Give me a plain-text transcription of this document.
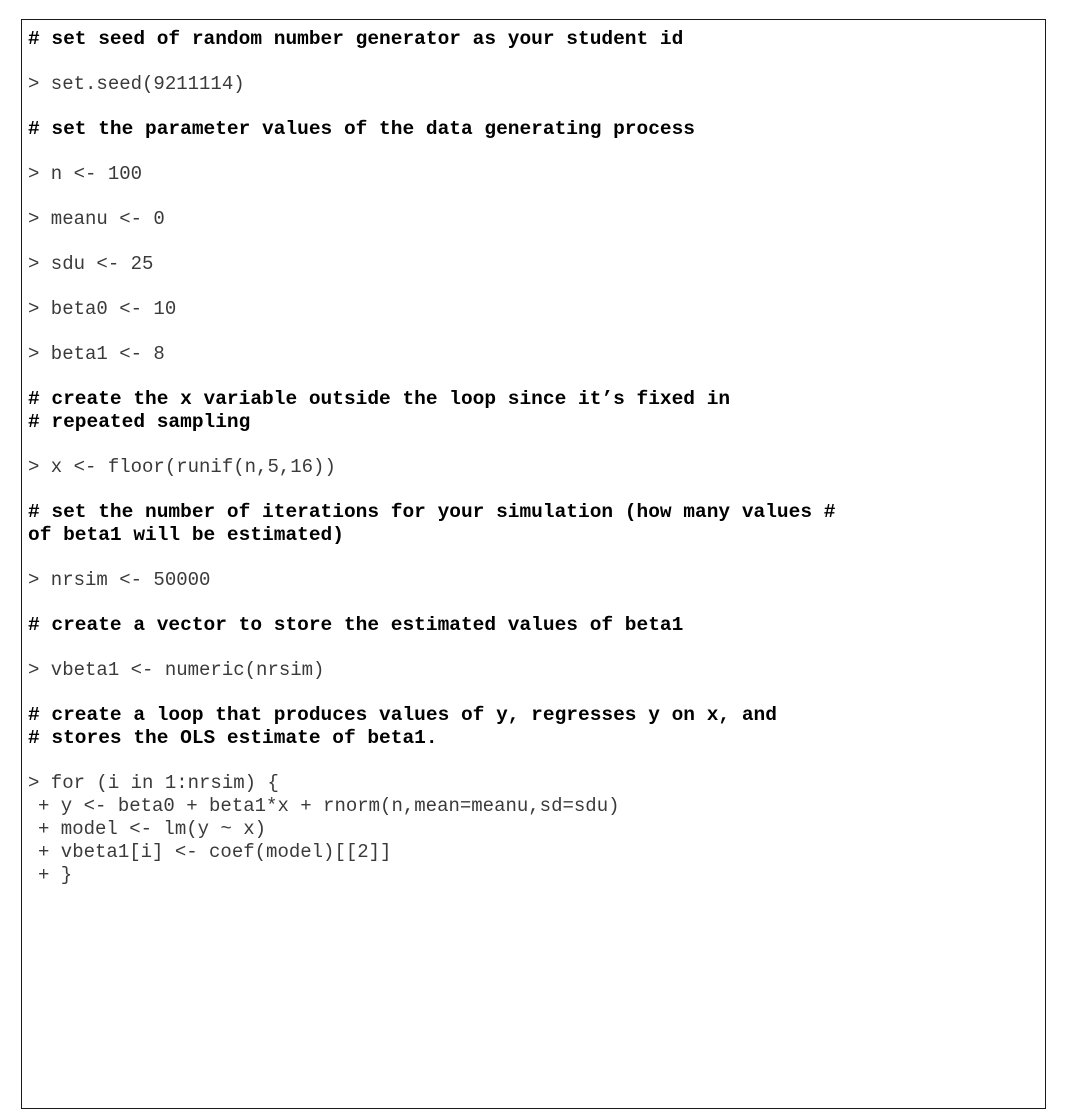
# set seed of random number generator as your student id
> set.seed(9211114)
# set the parameter values of the data generating process
> n <- 100
> meanu <- 0
> sdu <- 25
> beta0 <- 10
> beta1 <- 8
# create the x variable outside the loop since it’s fixed in
# repeated sampling
> x <- floor(runif(n,5,16))
# set the number of iterations for your simulation (how many values #
of beta1 will be estimated)
> nrsim <- 50000
# create a vector to store the estimated values of beta1
> vbeta1 <- numeric(nrsim)
# create a loop that produces values of y, regresses y on x, and
# stores the OLS estimate of beta1.
> for (i in 1:nrsim) {
+ y <- beta0 + beta1*x + rnorm(n,mean=meanu,sd=sdu)
+ model <- lm(y ~ x)
+ vbeta1[i] <- coef(model)[[2]]
+ }
